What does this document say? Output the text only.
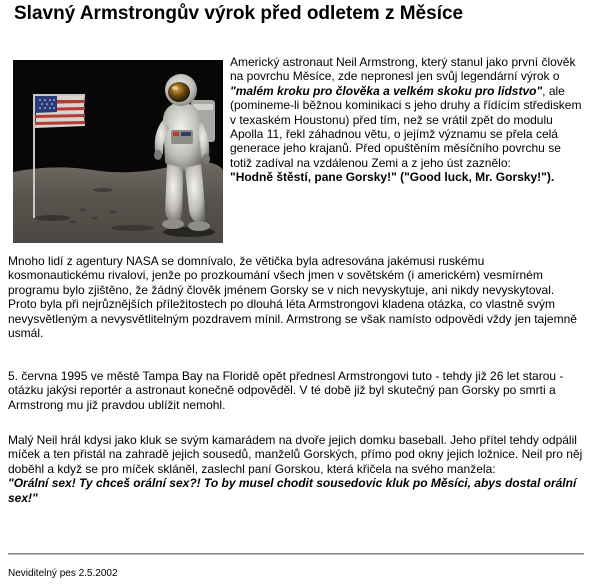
Slavný Armstrongův výrok před odletem z Měsíce

Americký astronaut Neil Armstrong, který stanul jako první člověk na povrchu Měsíce, zde nepronesl jen svůj legendární výrok o "malém kroku pro člověka a velkém skoku pro lidstvo", ale (pomineme-li běžnou kominikaci s jeho druhy a řídícím střediskem v texaském Houstonu) před tím, než se vrátil zpět do modulu Apolla 11, řekl záhadnou větu, o jejímž významu se přela celá generace jeho krajanů. Před opuštěním měsíčního povrchu se totiž zadíval na vzdálenou Zemi a z jeho úst zaznělo:
"Hodně štěstí, pane Gorsky!" ("Good luck, Mr. Gorsky!").

Mnoho lidí z agentury NASA se domnívalo, že větička byla adresována jakémusi ruskému kosmonautickému rivalovi, jenže po prozkoumání všech jmen v sovětském (i americkém) vesmírném programu bylo zjištěno, že žádný člověk jménem Gorsky se v nich nevyskytuje, ani nikdy nevyskytoval. Proto byla při nejrůznějších příležitostech po dlouhá léta Armstrongovi kladena otázka, co vlastně svým nevysvětleným a nevysvětlitelným pozdravem mínil. Armstrong se však namísto odpovědi vždy jen tajemně usmál.

5. června 1995 ve městě Tampa Bay na Floridě opět přednesl Armstrongovi tuto - tehdy již 26 let starou - otázku jakýsi reportér a astronaut konečně odpověděl. V té době již byl skutečný pan Gorsky po smrti a Armstrong mu již pravdou ublížit nemohl.

Malý Neil hrál kdysi jako kluk se svým kamarádem na dvoře jejich domku baseball. Jeho přítel tehdy odpálil míček a ten přistál na zahradě jejich sousedů, manželů Gorských, přímo pod okny jejich ložnice. Neil pro něj doběhl a když se pro míček skláněl, zaslechl paní Gorskou, která křičela na svého manžela:
"Orální sex! Ty chceš orální sex?! To by musel chodit sousedovic kluk po Měsíci, abys dostal orální sex!"

Neviditelný pes 2.5.2002
